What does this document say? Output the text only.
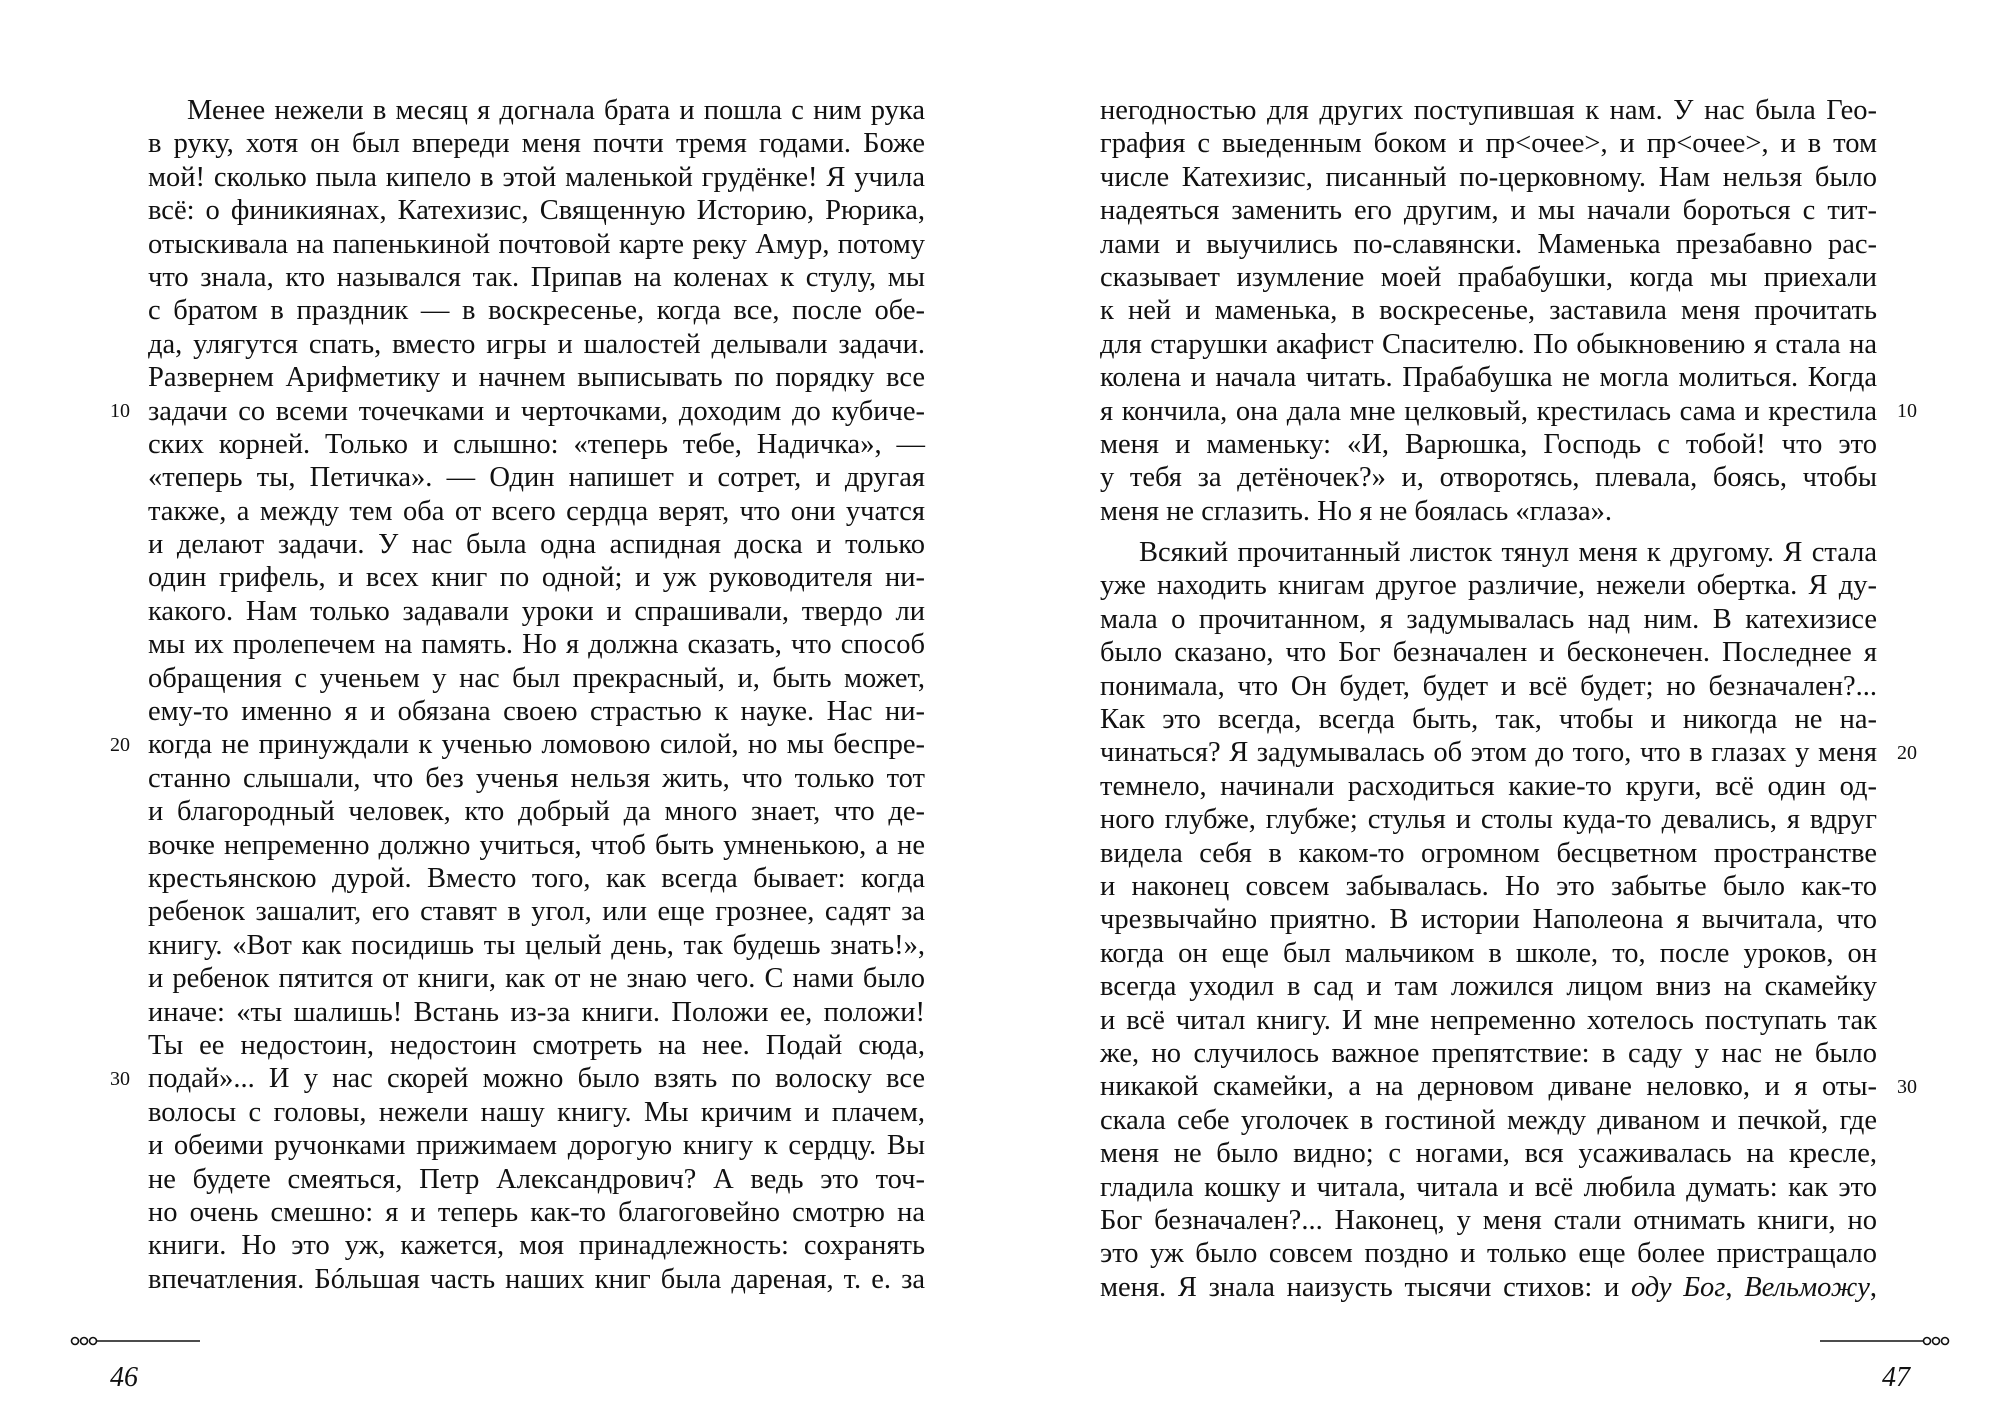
Менее нежели в месяц я догнала брата и пошла с ним рука
в руку, хотя он был впереди меня почти тремя годами. Боже
мой! сколько пыла кипело в этой маленькой грудёнке! Я учила
всё: о финикиянах, Катехизис, Священную Историю, Рюрика,
отыскивала на папенькиной почтовой карте реку Амур, потому
что знала, кто назывался так. Припав на коленах к стулу, мы
с братом в праздник — в воскресенье, когда все, после обе-
да, улягутся спать, вместо игры и шалостей делывали задачи.
Развернем Арифметику и начнем выписывать по порядку все
задачи со всеми точечками и черточками, доходим до кубиче-
ских корней. Только и слышно: «теперь тебе, Надичка», —
«теперь ты, Петичка». — Один напишет и сотрет, и другая
также, а между тем оба от всего сердца верят, что они учатся
и делают задачи. У нас была одна аспидная доска и только
один грифель, и всех книг по одной; и уж руководителя ни-
какого. Нам только задавали уроки и спрашивали, твердо ли
мы их пролепечем на память. Но я должна сказать, что способ
обращения с ученьем у нас был прекрасный, и, быть может,
ему-то именно я и обязана своею страстью к науке. Нас ни-
когда не принуждали к ученью ломовою силой, но мы беспре-
станно слышали, что без ученья нельзя жить, что только тот
и благородный человек, кто добрый да много знает, что де-
вочке непременно должно учиться, чтоб быть умненькою, а не
крестьянскою дурой. Вместо того, как всегда бывает: когда
ребенок зашалит, его ставят в угол, или еще грознее, садят за
книгу. «Вот как посидишь ты целый день, так будешь знать!»,
и ребенок пятится от книги, как от не знаю чего. С нами было
иначе: «ты шалишь! Встань из-за книги. Положи ее, положи!
Ты ее недостоин, недостоин смотреть на нее. Подай сюда,
подай»... И у нас скорей можно было взять по волоску все
волосы с головы, нежели нашу книгу. Мы кричим и плачем,
и обеими ручонками прижимаем дорогую книгу к сердцу. Вы
не будете смеяться, Петр Александрович? А ведь это точ-
но очень смешно: я и теперь как-то благоговейно смотрю на
книги. Но это уж, кажется, моя принадлежность: сохранять
впечатления. Бóльшая часть наших книг была дареная, т. е. за
10
20
30
46
негодностью для других поступившая к нам. У нас была Гео-
графия с выеденным боком и пр<очее>, и пр<очее>, и в том
числе Катехизис, писанный по-церковному. Нам нельзя было
надеяться заменить его другим, и мы начали бороться с тит-
лами и выучились по-славянски. Маменька презабавно рас-
сказывает изумление моей прабабушки, когда мы приехали
к ней и маменька, в воскресенье, заставила меня прочитать
для старушки акафист Спасителю. По обыкновению я стала на
колена и начала читать. Прабабушка не могла молиться. Когда
я кончила, она дала мне целковый, крестилась сама и крестила
меня и маменьку: «И, Варюшка, Господь с тобой! что это
у тебя за детёночек?» и, отворотясь, плевала, боясь, чтобы
меня не сглазить. Но я не боялась «глаза».
Всякий прочитанный листок тянул меня к другому. Я стала
уже находить книгам другое различие, нежели обертка. Я ду-
мала о прочитанном, я задумывалась над ним. В катехизисе
было сказано, что Бог безначален и бесконечен. Последнее я
понимала, что Он будет, будет и всё будет; но безначален?...
Как это всегда, всегда быть, так, чтобы и никогда не на-
чинаться? Я задумывалась об этом до того, что в глазах у меня
темнело, начинали расходиться какие-то круги, всё один од-
ного глубже, глубже; стулья и столы куда-то девались, я вдруг
видела себя в каком-то огромном бесцветном пространстве
и наконец совсем забывалась. Но это забытье было как-то
чрезвычайно приятно. В истории Наполеона я вычитала, что
когда он еще был мальчиком в школе, то, после уроков, он
всегда уходил в сад и там ложился лицом вниз на скамейку
и всё читал книгу. И мне непременно хотелось поступать так
же, но случилось важное препятствие: в саду у нас не было
никакой скамейки, а на дерновом диване неловко, и я оты-
скала себе уголочек в гостиной между диваном и печкой, где
меня не было видно; с ногами, вся усаживалась на кресле,
гладила кошку и читала, читала и всё любила думать: как это
Бог безначален?... Наконец, у меня стали отнимать книги, но
это уж было совсем поздно и только еще более пристращало
меня. Я знала наизусть тысячи стихов: и оду Бог, Вельможу,
10
20
30
47
